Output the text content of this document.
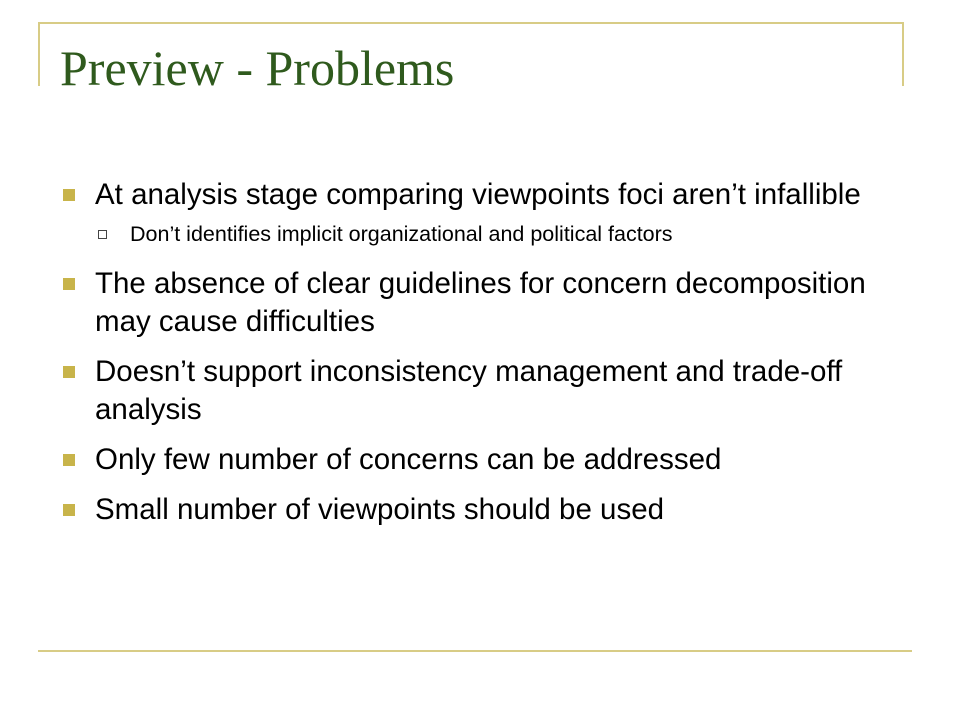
Preview - Problems
At analysis stage comparing viewpoints foci aren’t infallible
Don’t identifies implicit organizational and political factors
The absence of clear guidelines for concern decomposition may cause difficulties
Doesn’t support inconsistency management and trade-off analysis
Only few number of concerns can be addressed
Small number of viewpoints should be used
